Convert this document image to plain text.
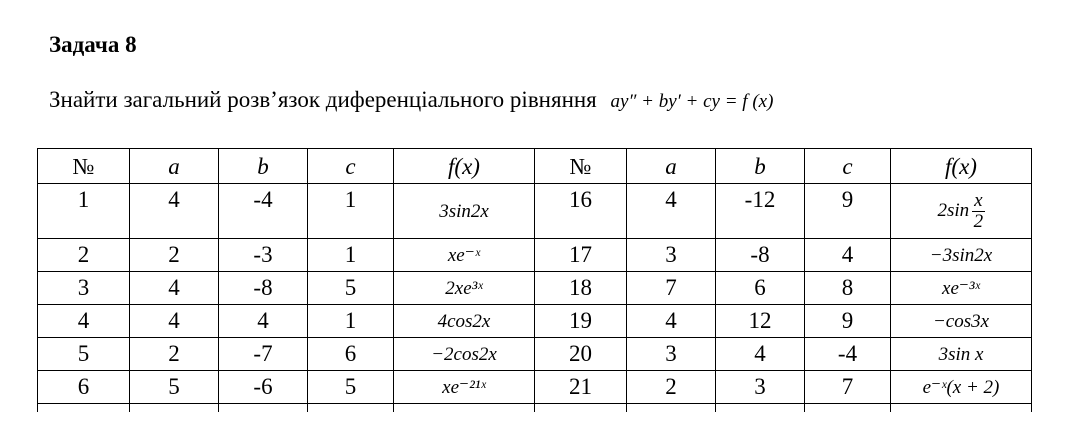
Задача 8
Знайти загальний розв’язок диференціального рівняння ay″ + by′ + cy = f (x)
№	a	b	c	f(x)	№	a	b	c	f(x)
1	4	-4	1	3sin2x	16	4	-12	9	$2\sin \frac{x}{2}$

2	2	-3	1	xe⁻ˣ	17	3	-8	4	−3sin2x
3	4	-8	5	2xe³ˣ	18	7	6	8	xe⁻³ˣ
4	4	4	1	4cos2x	19	4	12	9	−cos3x
5	2	-7	6	−2cos2x	20	3	4	-4	3sin x
6	5	-6	5	xe⁻²¹ˣ	21	2	3	7	e⁻ˣ(x + 2)
